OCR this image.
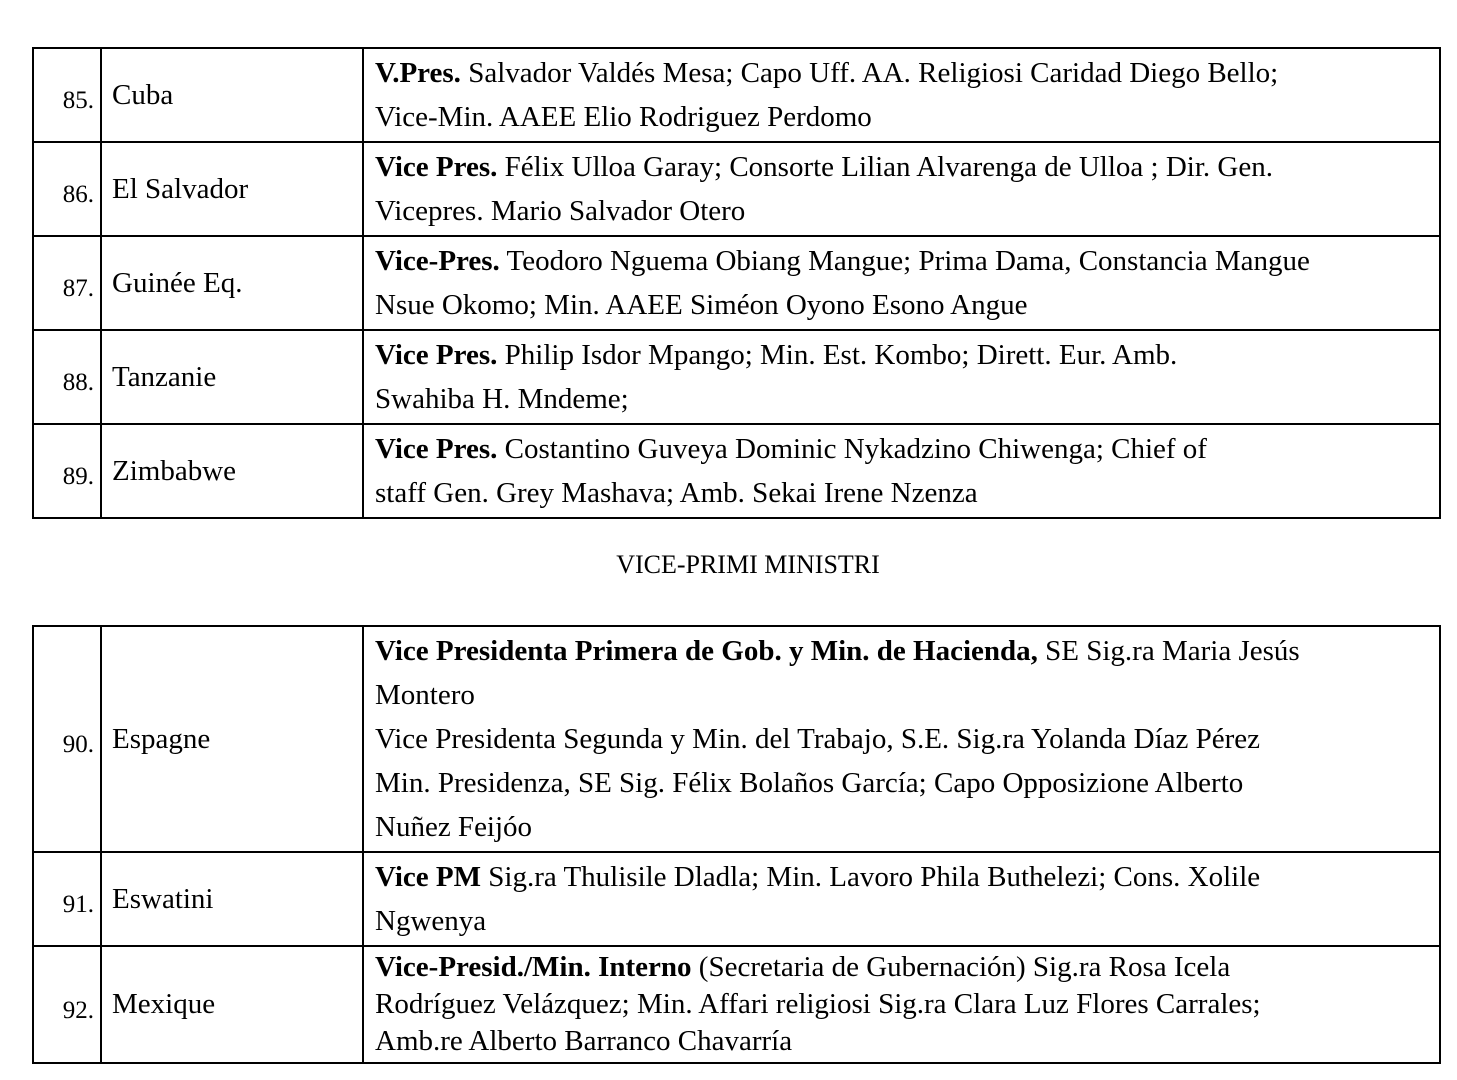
85.	Cuba	V.Pres. Salvador Valdés Mesa; Capo Uff. AA. Religiosi Caridad Diego Bello;
Vice-Min. AAEE Elio Rodriguez Perdomo

86.	El Salvador	Vice Pres. Félix Ulloa Garay; Consorte Lilian Alvarenga de Ulloa ; Dir. Gen.
Vicepres. Mario Salvador Otero

87.	Guinée Eq.	Vice-Pres. Teodoro Nguema Obiang Mangue; Prima Dama, Constancia Mangue
Nsue Okomo; Min. AAEE Siméon Oyono Esono Angue

88.	Tanzanie	Vice Pres. Philip Isdor Mpango; Min. Est. Kombo; Dirett. Eur. Amb.
Swahiba H. Mndeme;

89.	Zimbabwe	Vice Pres. Costantino Guveya Dominic Nykadzino Chiwenga; Chief of
staff Gen. Grey Mashava; Amb. Sekai Irene Nzenza
VICE-PRIMI MINISTRI
90.	Espagne	Vice Presidenta Primera de Gob. y Min. de Hacienda, SE Sig.ra Maria Jesús
Montero
Vice Presidenta Segunda y Min. del Trabajo, S.E. Sig.ra Yolanda Díaz Pérez
Min. Presidenza, SE Sig. Félix Bolaños García; Capo Opposizione Alberto
Nuñez Feijóo

91.	Eswatini	Vice PM Sig.ra Thulisile Dladla; Min. Lavoro Phila Buthelezi; Cons. Xolile
Ngwenya

92.	Mexique	Vice-Presid./Min. Interno (Secretaria de Gubernación) Sig.ra Rosa Icela
Rodríguez Velázquez; Min. Affari religiosi Sig.ra Clara Luz Flores Carrales;
Amb.re Alberto Barranco Chavarría
